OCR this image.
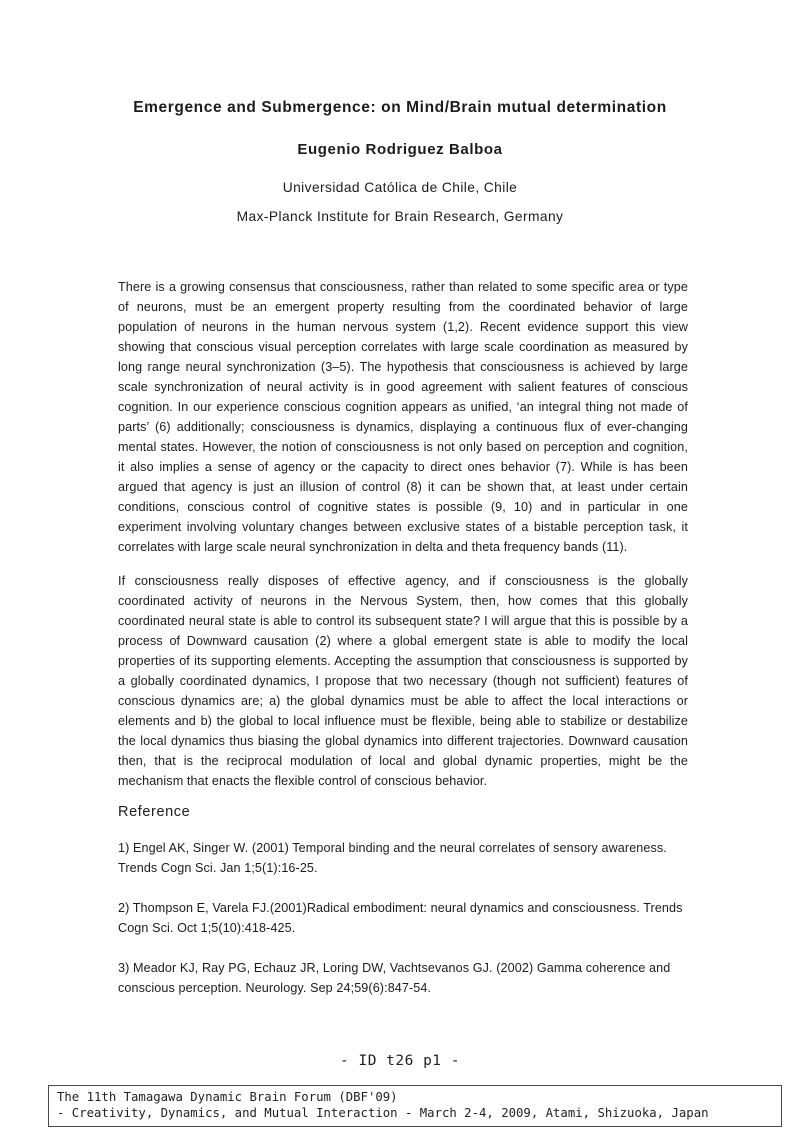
Emergence and Submergence: on Mind/Brain mutual determination
Eugenio Rodriguez Balboa
Universidad Católica de Chile, Chile
Max-Planck Institute for Brain Research, Germany
There is a growing consensus that consciousness, rather than related to some specific area or type of neurons, must be an emergent property resulting from the coordinated behavior of large population of neurons in the human nervous system (1,2). Recent evidence support this view showing that conscious visual perception correlates with large scale coordination as measured by long range neural synchronization (3–5). The hypothesis that consciousness is achieved by large scale synchronization of neural activity is in good agreement with salient features of conscious cognition. In our experience conscious cognition appears as unified, ‘an integral thing not made of parts’ (6) additionally; consciousness is dynamics, displaying a continuous flux of ever-changing mental states. However, the notion of consciousness is not only based on perception and cognition, it also implies a sense of agency or the capacity to direct ones behavior (7). While is has been argued that agency is just an illusion of control (8) it can be shown that, at least under certain conditions, conscious control of cognitive states is possible (9, 10) and in particular in one experiment involving voluntary changes between exclusive states of a bistable perception task, it correlates with large scale neural synchronization in delta and theta frequency bands (11).
If consciousness really disposes of effective agency, and if consciousness is the globally coordinated activity of neurons in the Nervous System, then, how comes that this globally coordinated neural state is able to control its subsequent state? I will argue that this is possible by a process of Downward causation (2) where a global emergent state is able to modify the local properties of its supporting elements. Accepting the assumption that consciousness is supported by a globally coordinated dynamics, I propose that two necessary (though not sufficient) features of conscious dynamics are; a) the global dynamics must be able to affect the local interactions or elements and b) the global to local influence must be flexible, being able to stabilize or destabilize the local dynamics thus biasing the global dynamics into different trajectories. Downward causation then, that is the reciprocal modulation of local and global dynamic properties, might be the mechanism that enacts the flexible control of conscious behavior.
Reference
1) Engel AK, Singer W. (2001) Temporal binding and the neural correlates of sensory awareness. Trends Cogn Sci. Jan 1;5(1):16-25.
2) Thompson E, Varela FJ.(2001)Radical embodiment: neural dynamics and consciousness. Trends Cogn Sci. Oct 1;5(10):418-425.
3) Meador KJ, Ray PG, Echauz JR, Loring DW, Vachtsevanos GJ. (2002) Gamma coherence and conscious perception. Neurology. Sep 24;59(6):847-54.
- ID t26 p1 -
The 11th Tamagawa Dynamic Brain Forum (DBF'09)
- Creativity, Dynamics, and Mutual Interaction - March 2-4, 2009, Atami, Shizuoka, Japan
